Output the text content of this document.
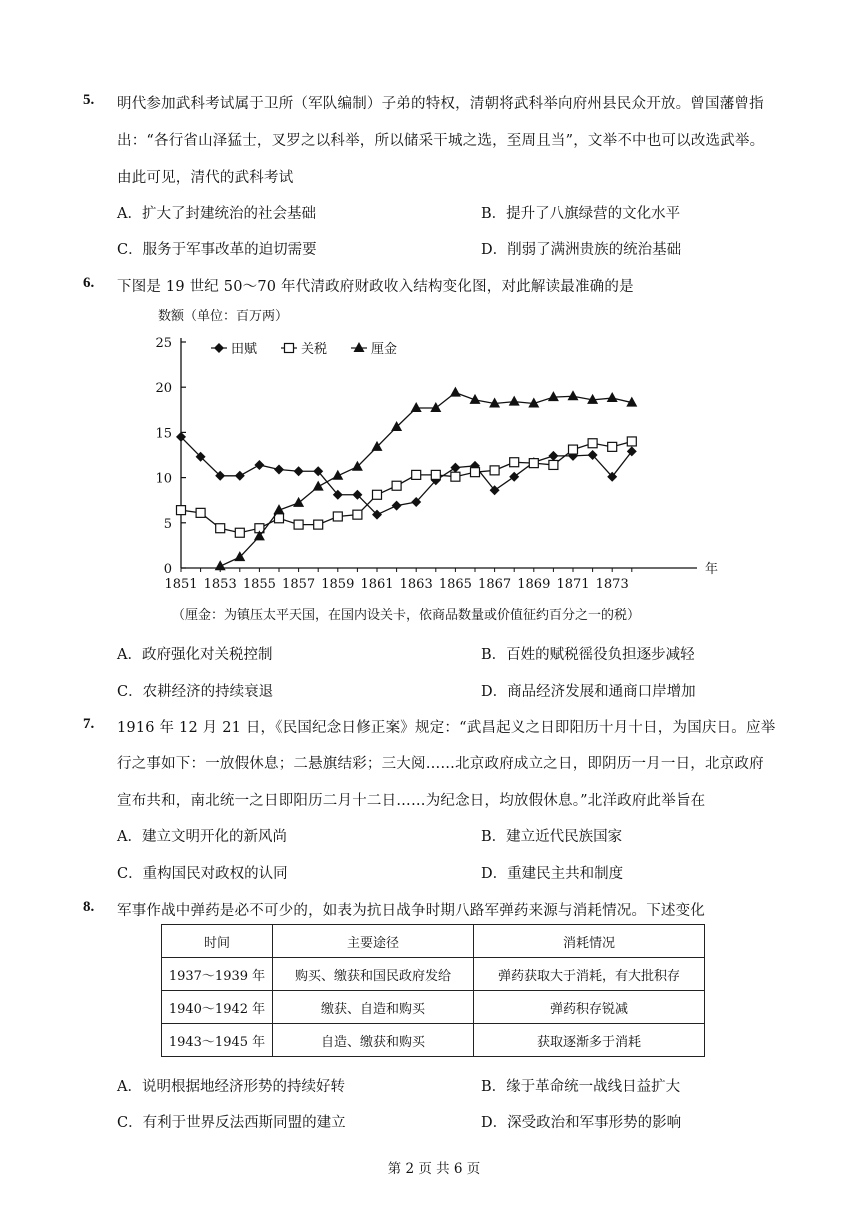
5. 明代参加武科考试属于卫所（军队编制）子弟的特权，清朝将武科举向府州县民众开放。曾国藩曾指
出：“各行省山泽猛士，叉罗之以科举，所以储采干城之选，至周且当”，文举不中也可以改选武举。
由此可见，清代的武科考试
A．扩大了封建统治的社会基础	B．提升了八旗绿营的文化水平
C．服务于军事改革的迫切需要	D．削弱了满洲贵族的统治基础
6. 下图是 19 世纪 50～70 年代清政府财政收入结构变化图，对此解读最准确的是
数额（单位：百万两）
年
0
5
10
15
20
25
1851 1853 1855 1857 1859 1861 1863 1865 1867 1869 1871 1873
田赋	关税	厘金
（厘金：为镇压太平天国，在国内设关卡，依商品数量或价值征约百分之一的税）
A．政府强化对关税控制	B．百姓的赋税徭役负担逐步减轻
C．农耕经济的持续衰退	D．商品经济发展和通商口岸增加
7. 1916 年 12 月 21 日，《民国纪念日修正案》规定：“武昌起义之日即阳历十月十日，为国庆日。应举
行之事如下：一放假休息；二悬旗结彩；三大阅……北京政府成立之日，即阴历一月一日，北京政府
宣布共和，南北统一之日即阳历二月十二日……为纪念日，均放假休息。”北洋政府此举旨在
A．建立文明开化的新风尚	B．建立近代民族国家
C．重构国民对政权的认同	D．重建民主共和制度
8. 军事作战中弹药是必不可少的，如表为抗日战争时期八路军弹药来源与消耗情况。下述变化
时间	主要途径	消耗情况
1937～1939 年	购买、缴获和国民政府发给	弹药获取大于消耗，有大批积存
1940～1942 年	缴获、自造和购买	弹药积存锐减
1943～1945 年	自造、缴获和购买	获取逐渐多于消耗
A．说明根据地经济形势的持续好转	B．缘于革命统一战线日益扩大
C．有利于世界反法西斯同盟的建立	D．深受政治和军事形势的影响
第 2 页 共 6 页
